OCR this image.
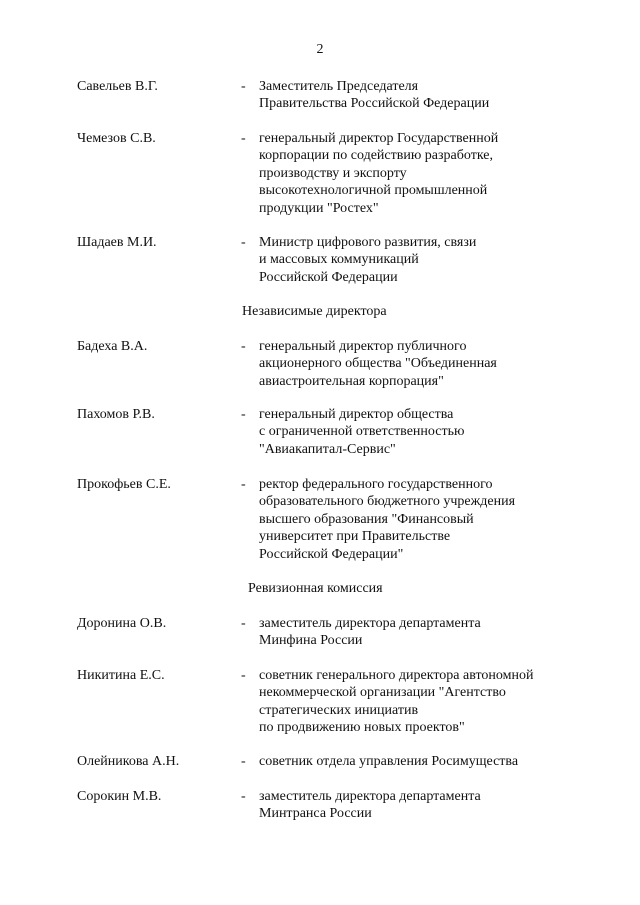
2
Савельев В.Г.	- Заместитель Председателя
Правительства Российской Федерации
Чемезов С.В.	- генеральный директор Государственной
корпорации по содействию разработке,
производству и экспорту
высокотехнологичной промышленной
продукции "Ростех"
Шадаев М.И.	- Министр цифрового развития, связи
и массовых коммуникаций
Российской Федерации
Независимые директора
Бадеха В.А.	- генеральный директор публичного
акционерного общества "Объединенная
авиастроительная корпорация"
Пахомов Р.В.	- генеральный директор общества
с ограниченной ответственностью
"Авиакапитал-Сервис"
Прокофьев С.Е.	- ректор федерального государственного
образовательного бюджетного учреждения
высшего образования "Финансовый
университет при Правительстве
Российской Федерации"
Ревизионная комиссия
Доронина О.В.	- заместитель директора департамента
Минфина России
Никитина Е.С.	- советник генерального директора автономной
некоммерческой организации "Агентство
стратегических инициатив
по продвижению новых проектов"
Олейникова А.Н.	- советник отдела управления Росимущества
Сорокин М.В.	- заместитель директора департамента
Минтранса России
